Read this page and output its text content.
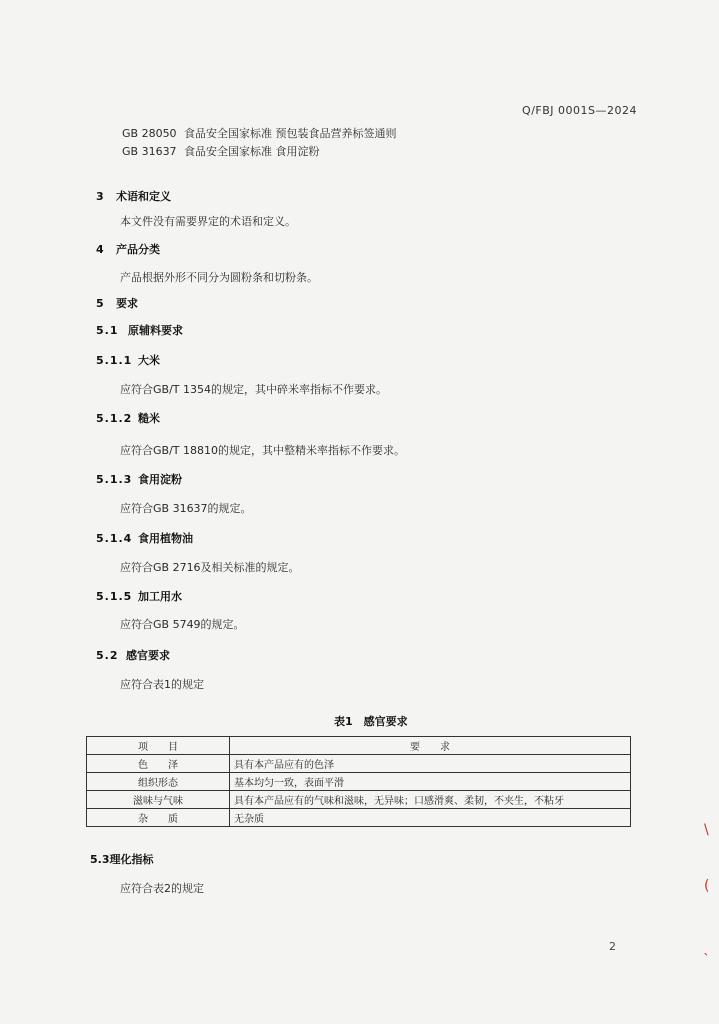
Q/FBJ 0001S—2024
GB 28050 食品安全国家标准 预包装食品营养标签通则
GB 31637 食品安全国家标准 食用淀粉
3 术语和定义
本文件没有需要界定的术语和定义。
4 产品分类
产品根据外形不同分为圆粉条和切粉条。
5 要求
5.1 原辅料要求
5.1.1 大米
应符合GB/T 1354的规定，其中碎米率指标不作要求。
5.1.2 糙米
应符合GB/T 18810的规定，其中整精米率指标不作要求。
5.1.3 食用淀粉
应符合GB 31637的规定。
5.1.4 食用植物油
应符合GB 2716及相关标准的规定。
5.1.5 加工用水
应符合GB 5749的规定。
5.2 感官要求
应符合表1的规定
表1　感官要求
项　　目	要　　求
色　　泽	具有本产品应有的色泽
组织形态	基本均匀一致，表面平滑
滋味与气味	具有本产品应有的气味和滋味，无异味；口感滑爽、柔韧，不夹生，不粘牙
杂　　质	无杂质
5.3理化指标
应符合表2的规定
2
\
(
ˎ
